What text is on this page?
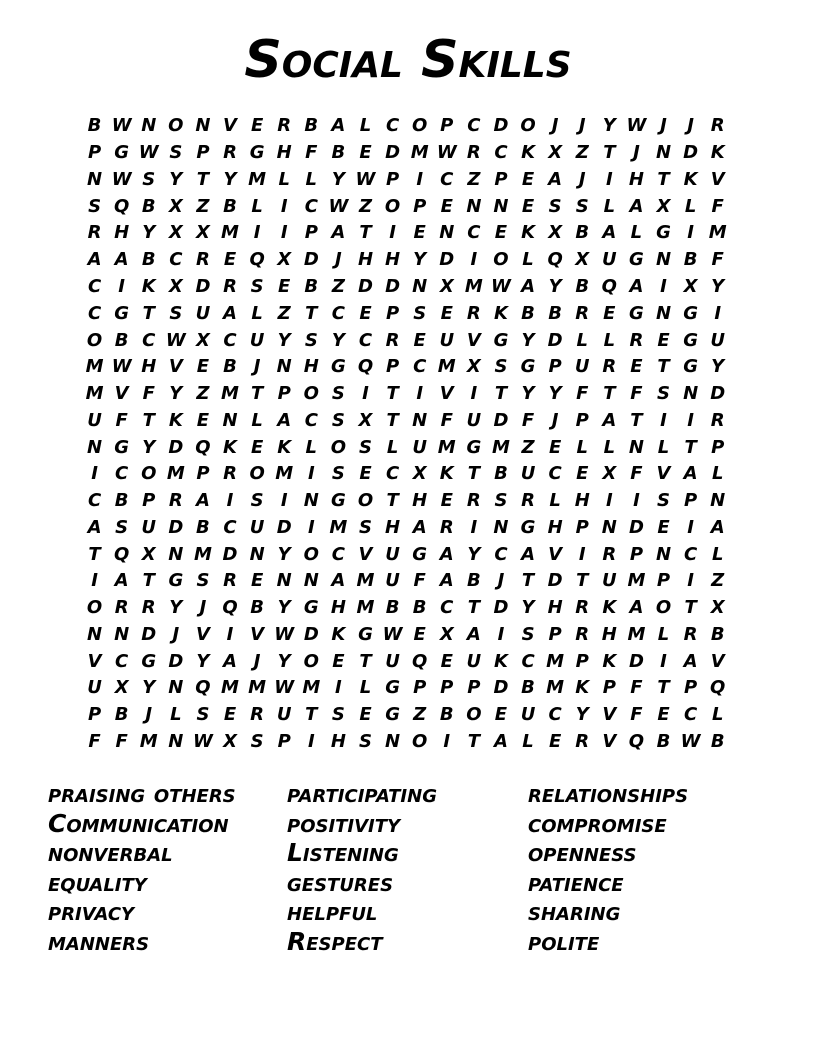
Social Skills
B W N O N V E R B A L C O P C D O J	J Y W J	J R
P G W S P R G H F B E D M W R C K X Z T J N D K
N W S Y T Y M L L Y W P I C Z P E A J	I H T K V
S Q B X Z B L	I C W Z O P E N N E S S L A X L F
R H Y X X M I	I P A T I E N C E K X B A L G I M
A A B C R E Q X D J H H Y D I O L Q X U G N B F
C I K X D R S E B Z D D N X M W A Y B Q A I X Y
C G T S U A L Z T C E P S E R K B B R E G N G I
O B C W X C U Y S Y C R E U V G Y D L L R E G U
M W H V E B J N H G Q P C M X S G P U R E T G Y
M V F Y Z M T P O S I T I V I T Y Y F T F S N D
U F T K E N L A C S X T N F U D F J P A T I	I R
N G Y D Q K E K L O S L U M G M Z E L L N L T P
I C O M P R O M I S E C X K T B U C E X F V A L
C B P R A I S I N G O T H E R S R L H I	I S P N
A S U D B C U D I M S H A R I N G H P N D E I A
T Q X N M D N Y O C V U G A Y C A V I R P N C L
I A T G S R E N N A M U F A B J T D T U M P I Z
O R R Y J Q B Y G H M B B C T D Y H R K A O T X
N N D J V I V W D K G W E X A I S P R H M L R B
V C G D Y A J Y O E T U Q E U K C M P K D I A V
U X Y N Q M M W M I	L G P P P D B M K P F T P Q
P B J	L S E R U T S E G Z B O E U C Y V F E C L
F F M N W X S P I H S N O I T A L E R V Q B W B
praising others
Communication
nonverbal
equality
privacy
manners
participating
positivity
Listening
gestures
helpful
Respect
relationships
compromise
openness
patience
sharing
polite
